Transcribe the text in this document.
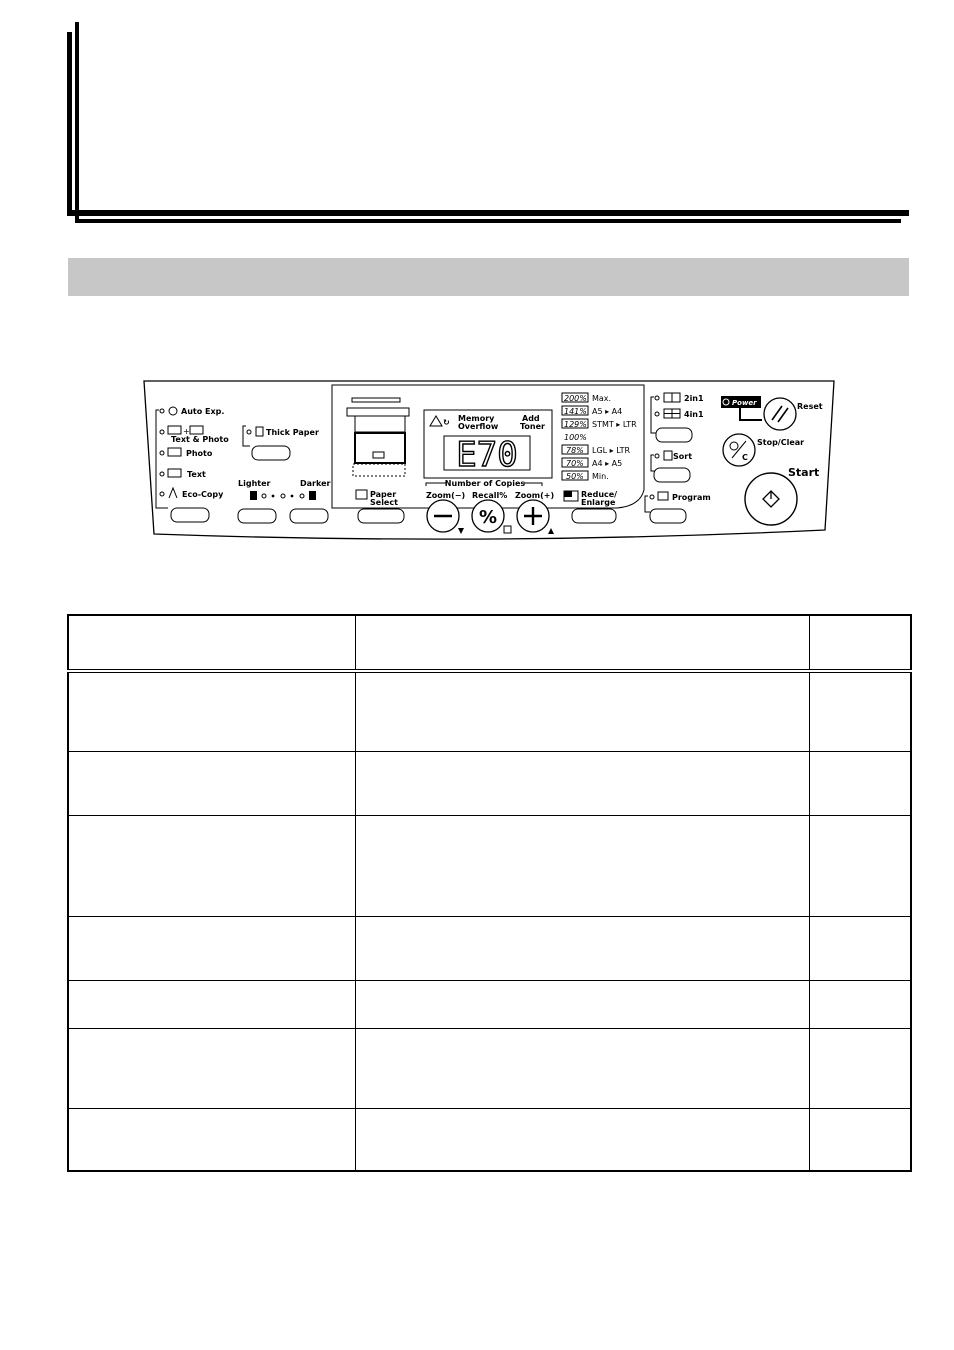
Auto Exp.
+
Text & Photo
Photo
Text
Eco-Copy
Thick Paper
Lighter	Darker
↻ Memory
Overflow
Add
Toner
E70
200% Max.
141% A5 ▸ A4
129% STMT ▸ LTR
100%
78% LGL ▸ LTR
70% A4 ▸ A5
50% Min.
Paper
Select
Number of Copies
Zoom(−) Recall% Zoom(+)
%
Reduce/
Enlarge
2in1
4in1
Sort
Program
Power	Reset
C
Stop/Clear
Start
